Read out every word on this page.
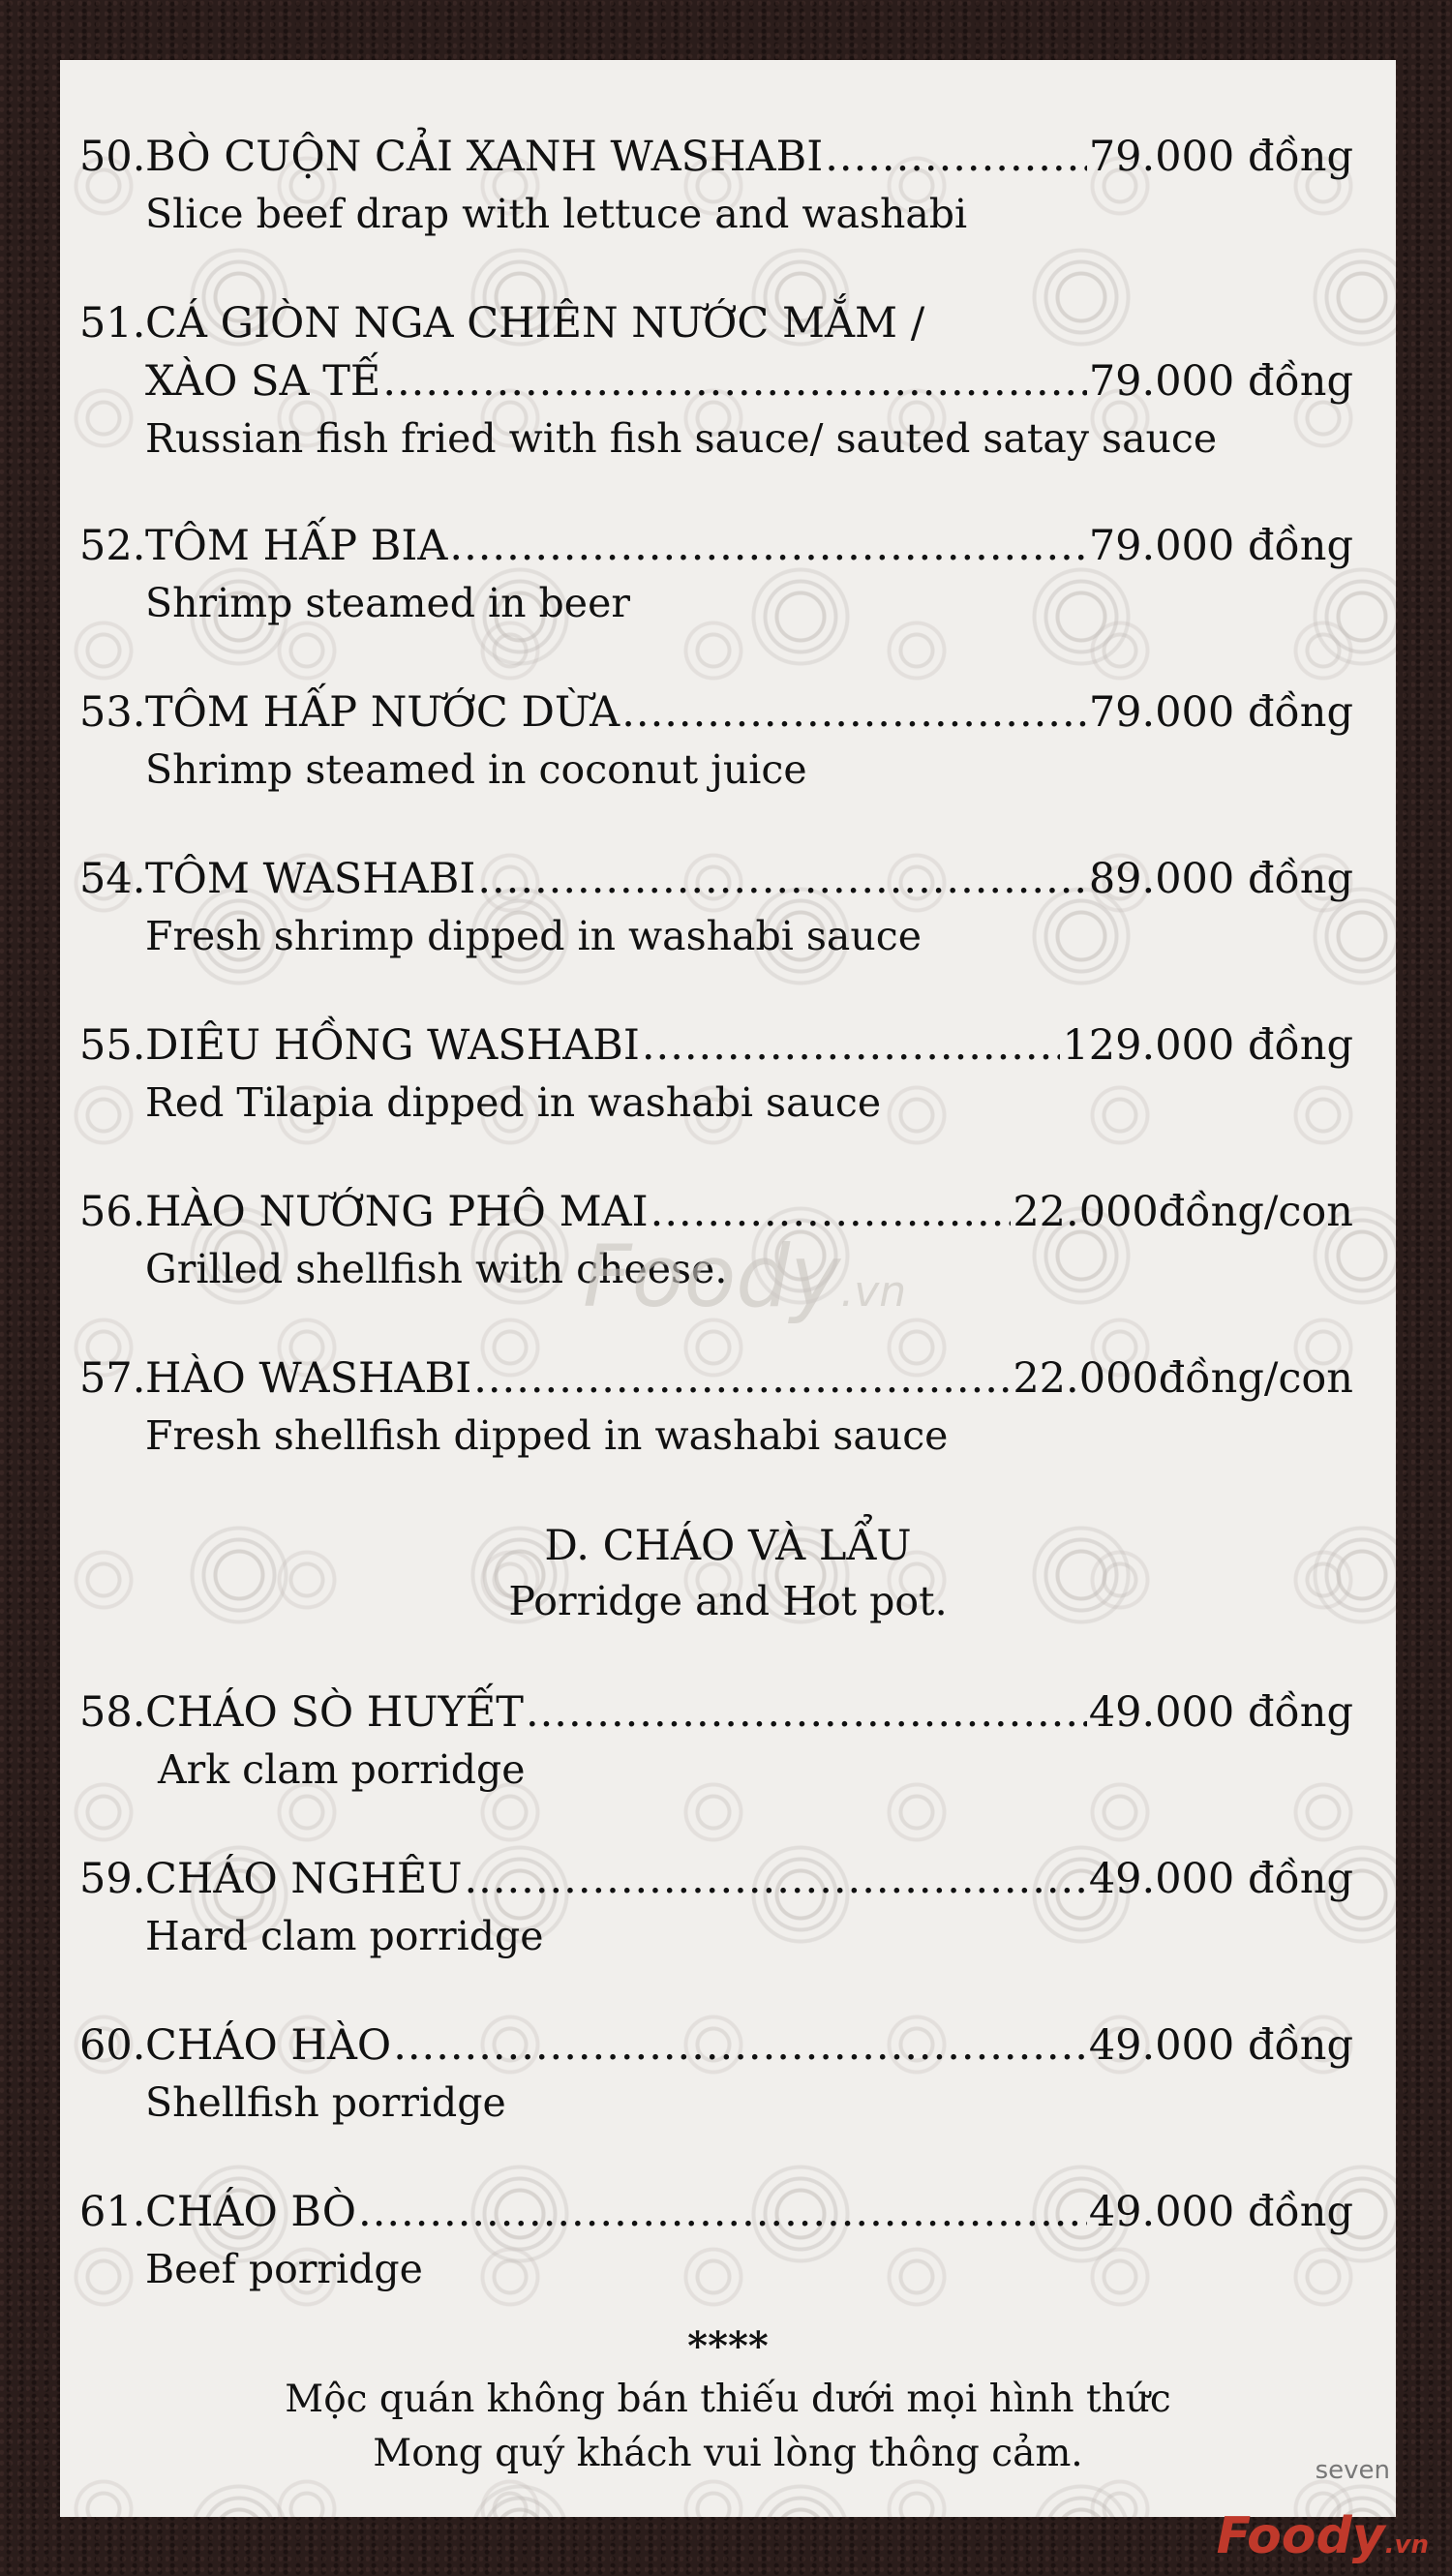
50. BÒ CUỘN CẢI XANH WASHABI .....	79.000 đồng
Slice beef drap with lettuce and washabi
51. CÁ GIÒN NGA CHIÊN NƯỚC MẮM /
XÀO SA TẾ .....	79.000 đồng
Russian fish fried with fish sauce/ sauted satay sauce
52. TÔM HẤP BIA .....	79.000 đồng
Shrimp steamed in beer
53. TÔM HẤP NƯỚC DỪA .....	79.000 đồng
Shrimp steamed in coconut juice
54. TÔM WASHABI .....	89.000 đồng
Fresh shrimp dipped in washabi sauce
55. DIÊU HỒNG WASHABI .....	129.000 đồng
Red Tilapia dipped in washabi sauce
56. HÀO NƯỚNG PHÔ MAI .....	22.000đồng/con
Grilled shellfish with cheese.
57. HÀO WASHABI .....	22.000đồng/con
Fresh shellfish dipped in washabi sauce
D. CHÁO VÀ LẨU
Porridge and Hot pot.
58. CHÁO SÒ HUYẾT .....	49.000 đồng
Ark clam porridge
59. CHÁO NGHÊU .....	49.000 đồng
Hard clam porridge
60. CHÁO HÀO .....	49.000 đồng
Shellfish porridge
61. CHÁO BÒ .....	49.000 đồng
Beef porridge
****
Mộc quán không bán thiếu dưới mọi hình thức
Mong quý khách vui lòng thông cảm.
Foody.vn
seven
Foody.vn
